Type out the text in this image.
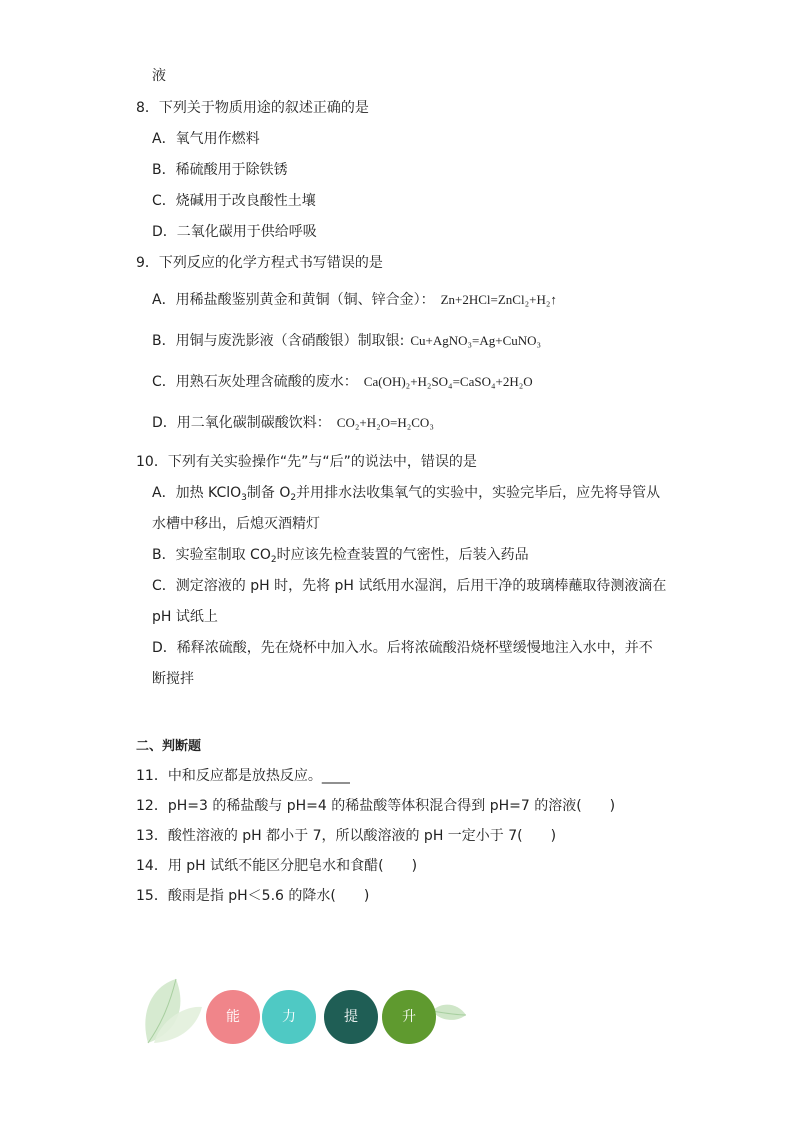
液
8．下列关于物质用途的叙述正确的是
A．氧气用作燃料
B．稀硫酸用于除铁锈
C．烧碱用于改良酸性土壤
D．二氧化碳用于供给呼吸
9．下列反应的化学方程式书写错误的是
A．用稀盐酸鉴别黄金和黄铜（铜、锌合金）： Zn+2HCl=ZnCl₂+H₂↑
B．用铜与废洗影液（含硝酸银）制取银: Cu+AgNO₃=Ag+CuNO₃
C．用熟石灰处理含硫酸的废水： Ca(OH)₂+H₂SO₄=CaSO₄+2H₂O
D．用二氧化碳制碳酸饮料： CO₂+H₂O=H₂CO₃
10．下列有关实验操作“先”与“后”的说法中，错误的是
A．加热 KClO$_3$制备 $O_2$并用排水法收集氧气的实验中，实验完毕后，应先将导管从
水槽中移出，后熄灭酒精灯
B．实验室制取 $CO_2$时应该先检查装置的气密性，后装入药品
C．测定溶液的 pH 时，先将 pH 试纸用水湿润，后用干净的玻璃棒蘸取待测液滴在
pH 试纸上
D．稀释浓硫酸，先在烧杯中加入水。后将浓硫酸沿烧杯壁缓慢地注入水中，并不
断搅拌
二、判断题
11．中和反应都是放热反应。____
12．pH=3 的稀盐酸与 pH=4 的稀盐酸等体积混合得到 pH=7 的溶液(　　)
13．酸性溶液的 pH 都小于 7，所以酸溶液的 pH 一定小于 7(　　)
14．用 pH 试纸不能区分肥皂水和食醋(　　)
15．酸雨是指 pH＜5.6 的降水(　　)
能	力	提	升
